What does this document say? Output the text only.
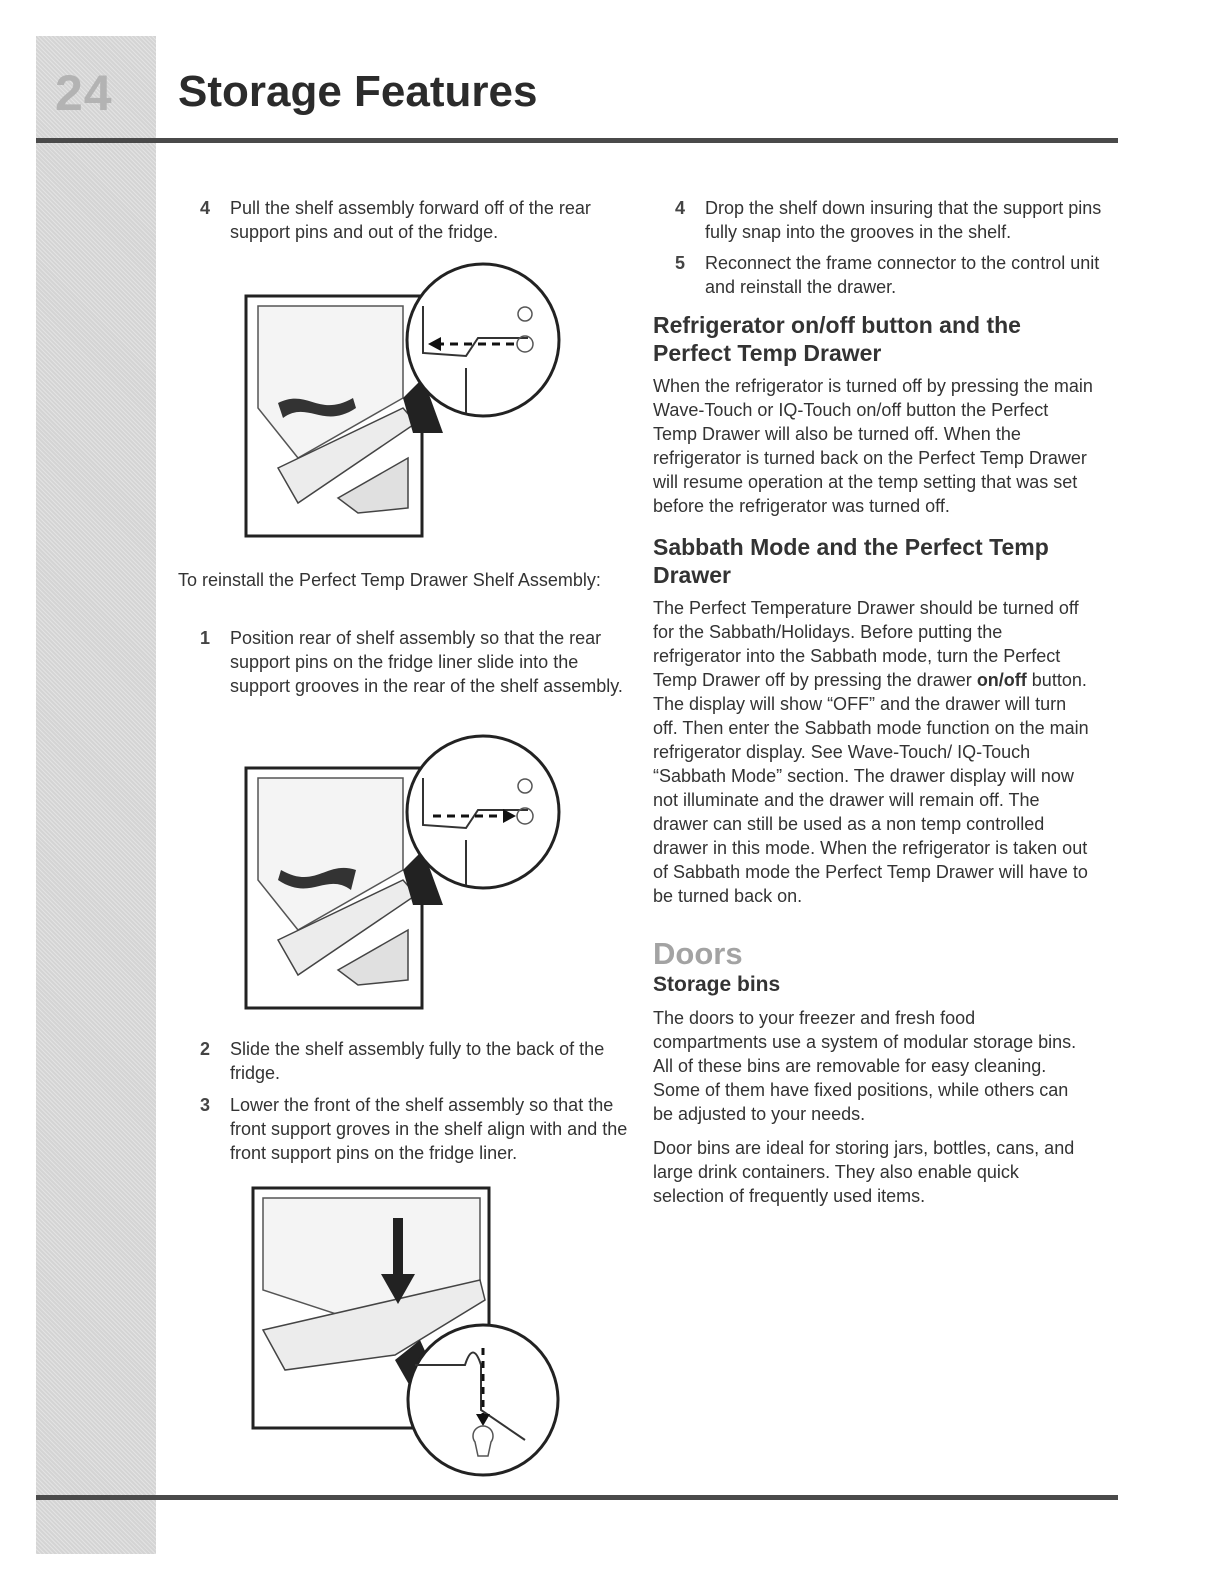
24 Storage Features
4 Pull the shelf assembly forward off of the rear support pins and out of the fridge.

To reinstall the Perfect Temp Drawer Shelf Assembly:

1 Position rear of shelf assembly so that the rear support pins on the fridge liner slide into the support grooves in the rear of the shelf assembly.

2 Slide the shelf assembly fully to the back of the fridge.

3 Lower the front of the shelf assembly so that the front support groves in the shelf align with and the front support pins on the fridge liner.

4 Drop the shelf down insuring that the support pins fully snap into the grooves in the shelf.

5 Reconnect the frame connector to the control unit and reinstall the drawer.

Refrigerator on/off button and the Perfect Temp Drawer

When the refrigerator is turned off by pressing the main Wave-Touch or IQ-Touch on/off button the Perfect Temp Drawer will also be turned off. When the refrigerator is turned back on the Perfect Temp Drawer will resume operation at the temp setting that was set before the refrigerator was turned off.

Sabbath Mode and the Perfect Temp Drawer

The Perfect Temperature Drawer should be turned off for the Sabbath/Holidays. Before putting the refrigerator into the Sabbath mode, turn the Perfect Temp Drawer off by pressing the drawer on/off button. The display will show “OFF” and the drawer will turn off. Then enter the Sabbath mode function on the main refrigerator display. See Wave-Touch/ IQ-Touch “Sabbath Mode” section. The drawer display will now not illuminate and the drawer will remain off. The drawer can still be used as a non temp controlled drawer in this mode. When the refrigerator is taken out of Sabbath mode the Perfect Temp Drawer will have to be turned back on.

Doors

Storage bins

The doors to your freezer and fresh food compartments use a system of modular storage bins. All of these bins are removable for easy cleaning. Some of them have fixed positions, while others can be adjusted to your needs.

Door bins are ideal for storing jars, bottles, cans, and large drink containers. They also enable quick selection of frequently used items.
